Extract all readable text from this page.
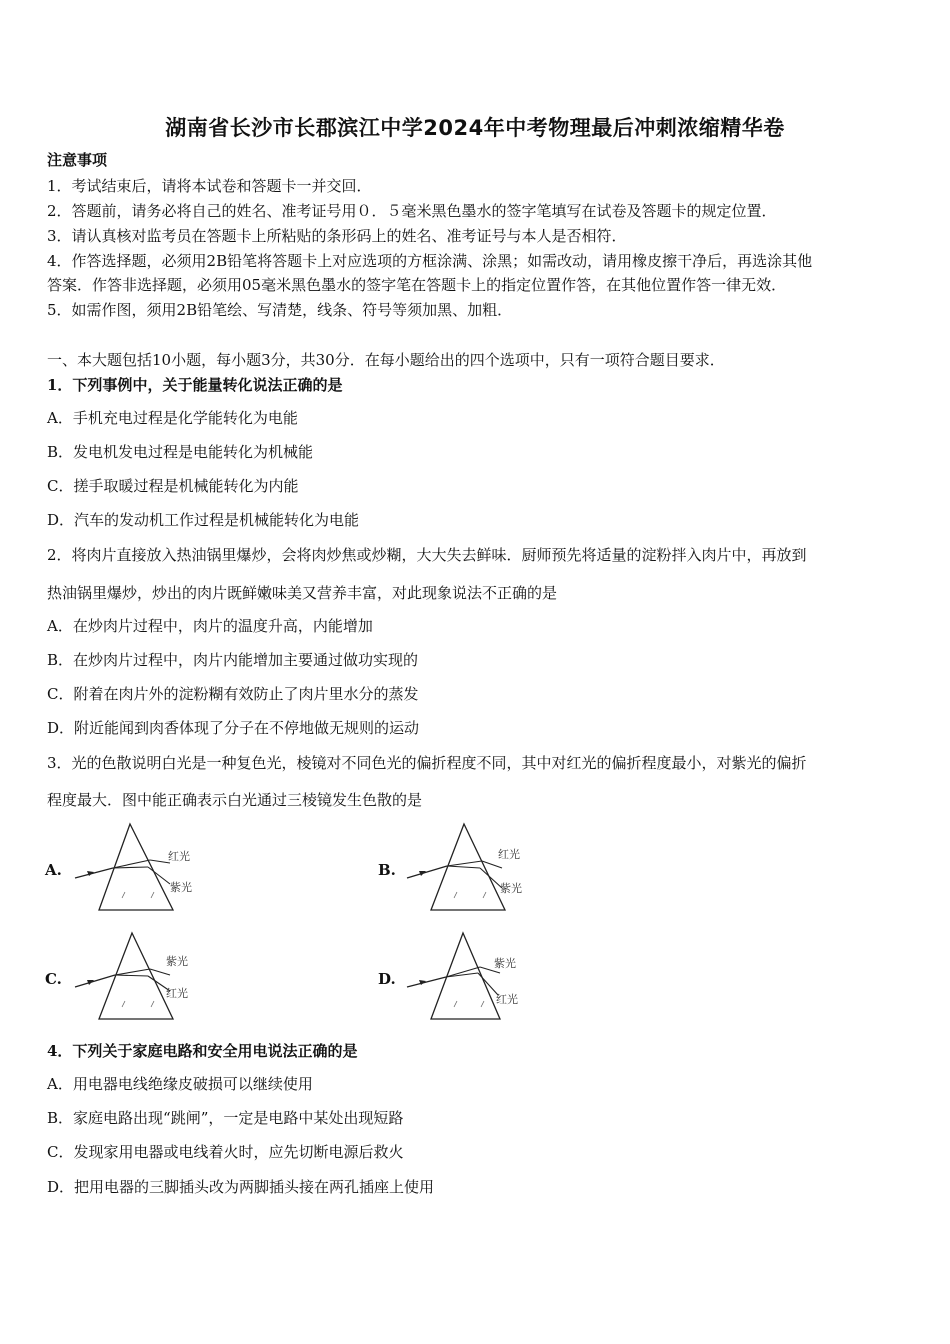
湖南省长沙市长郡滨江中学2024年中考物理最后冲刺浓缩精华卷
注意事项
1．考试结束后，请将本试卷和答题卡一并交回．
2．答题前，请务必将自己的姓名、准考证号用０．５毫米黑色墨水的签字笔填写在试卷及答题卡的规定位置．
3．请认真核对监考员在答题卡上所粘贴的条形码上的姓名、准考证号与本人是否相符．
4．作答选择题，必须用2B铅笔将答题卡上对应选项的方框涂满、涂黑；如需改动，请用橡皮擦干净后，再选涂其他
答案．作答非选择题，必须用05毫米黑色墨水的签字笔在答题卡上的指定位置作答，在其他位置作答一律无效．
5．如需作图，须用2B铅笔绘、写清楚，线条、符号等须加黑、加粗．
一、本大题包括10小题，每小题3分，共30分．在每小题给出的四个选项中，只有一项符合题目要求．
1．下列事例中，关于能量转化说法正确的是
A．手机充电过程是化学能转化为电能
B．发电机发电过程是电能转化为机械能
C．搓手取暖过程是机械能转化为内能
D．汽车的发动机工作过程是机械能转化为电能
2．将肉片直接放入热油锅里爆炒，会将肉炒焦或炒糊，大大失去鲜味．厨师预先将适量的淀粉拌入肉片中，再放到
热油锅里爆炒，炒出的肉片既鲜嫩味美又营养丰富，对此现象说法不正确的是
A．在炒肉片过程中，肉片的温度升高，内能增加
B．在炒肉片过程中，肉片内能增加主要通过做功实现的
C．附着在肉片外的淀粉糊有效防止了肉片里水分的蒸发
D．附近能闻到肉香体现了分子在不停地做无规则的运动
3．光的色散说明白光是一种复色光，棱镜对不同色光的偏折程度不同，其中对红光的偏折程度最小，对紫光的偏折
程度最大．图中能正确表示白光通过三棱镜发生色散的是
A.
红光
紫光
B.
红光
紫光
C.
紫光
红光
D.
紫光
红光
4．下列关于家庭电路和安全用电说法正确的是
A．用电器电线绝缘皮破损可以继续使用
B．家庭电路出现“跳闸”，一定是电路中某处出现短路
C．发现家用电器或电线着火时，应先切断电源后救火
D．把用电器的三脚插头改为两脚插头接在两孔插座上使用
